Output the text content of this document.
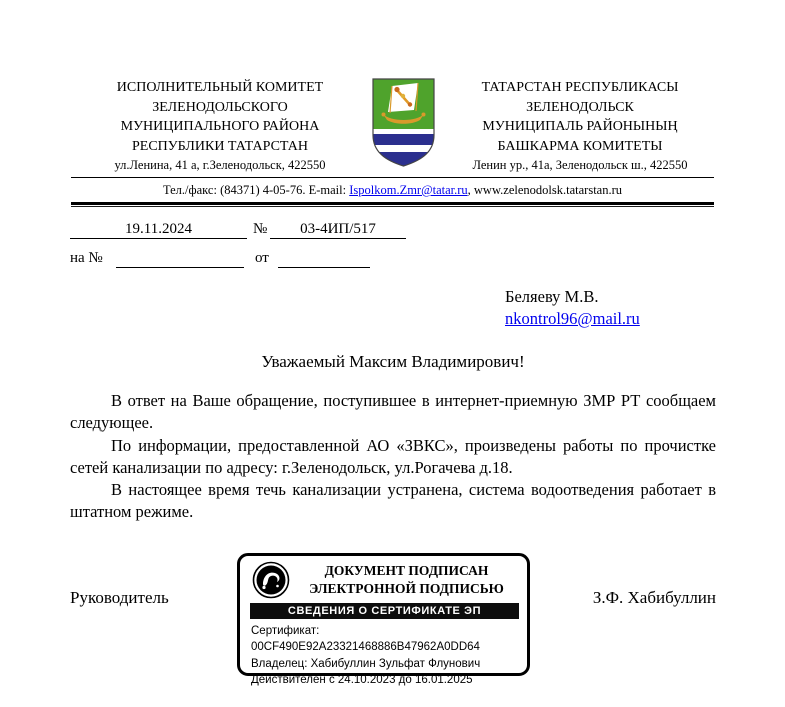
ИСПОЛНИТЕЛЬНЫЙ КОМИТЕТ
ЗЕЛЕНОДОЛЬСКОГО
МУНИЦИПАЛЬНОГО РАЙОНА
РЕСПУБЛИКИ ТАТАРСТАН
ул.Ленина, 41 а, г.Зеленодольск, 422550
ТАТАРСТАН РЕСПУБЛИКАСЫ
ЗЕЛЕНОДОЛЬСК
МУНИЦИПАЛЬ РАЙОНЫНЫҢ
БАШКАРМА КОМИТЕТЫ
Ленин ур., 41а, Зеленодольск ш., 422550
Тел./факс: (84371) 4-05-76. E-mail: Ispolkom.Zmr@tatar.ru, www.zelenodolsk.tatarstan.ru
19.11.2024	№	03-4ИП/517
на №	от
Беляеву М.В.
nkontrol96@mail.ru
Уважаемый Максим Владимирович!

В ответ на Ваше обращение, поступившее в интернет-приемную ЗМР РТ сообщаем следующее.

По информации, предоставленной АО «ЗВКС», произведены работы по прочистке сетей канализации по адресу: г.Зеленодольск, ул.Рогачева д.18.

В настоящее время течь канализации устранена, система водоотведения работает в штатном режиме.

Руководитель	З.Ф. Хабибуллин
ДОКУМЕНТ ПОДПИСАН
ЭЛЕКТРОННОЙ ПОДПИСЬЮ
СВЕДЕНИЯ О СЕРТИФИКАТЕ ЭП
Сертификат: 00CF490E92A23321468886B47962A0DD64
Владелец: Хабибуллин Зульфат Флунович
Действителен с 24.10.2023 до 16.01.2025
